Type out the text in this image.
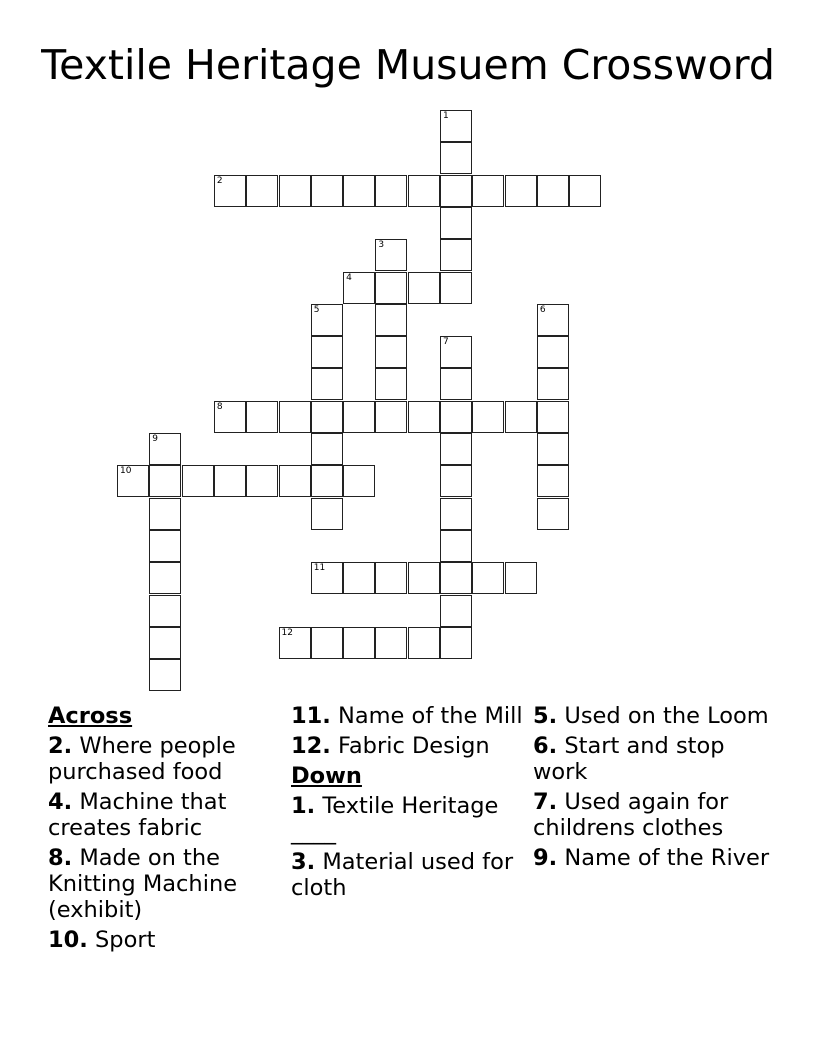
Textile Heritage Musuem Crossword
1
2
3
4
5	6
7
8
9
10
11
12
Across
2. Where people purchased food
4. Machine that creates fabric
8. Made on the Knitting Machine (exhibit)
10. Sport
11. Name of the Mill
12. Fabric Design
Down
1. Textile Heritage ____
3. Material used for cloth
5. Used on the Loom
6. Start and stop work
7. Used again for childrens clothes
9. Name of the River
